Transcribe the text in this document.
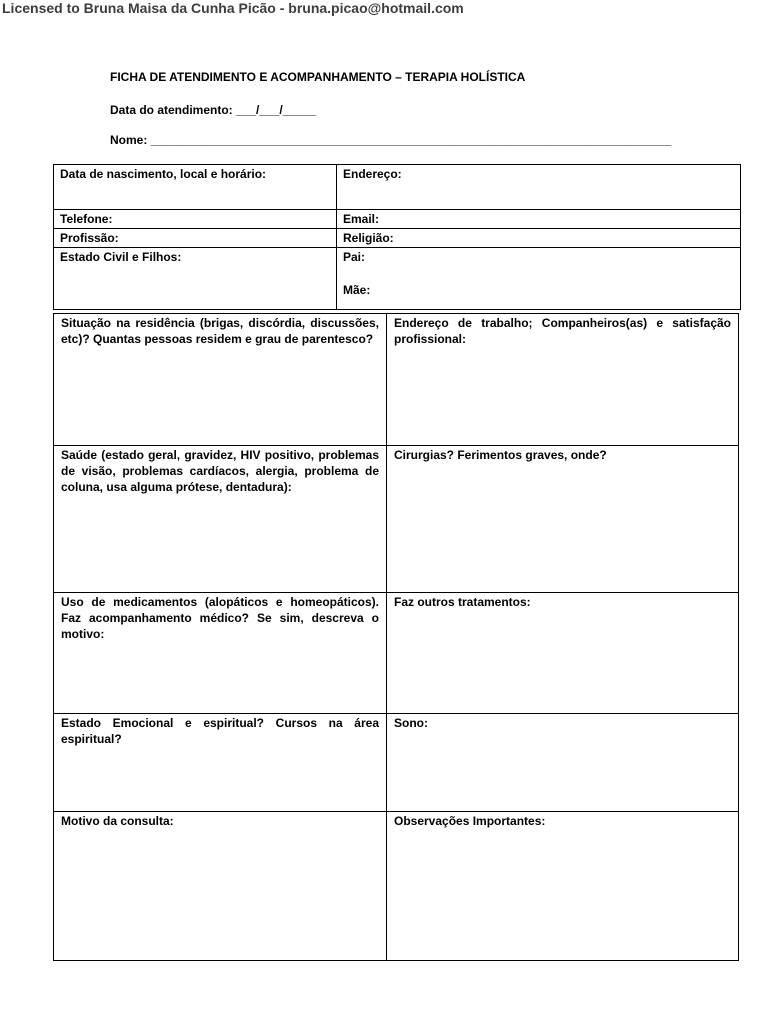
Licensed to Bruna Maisa da Cunha Picão - bruna.picao@hotmail.com
FICHA DE ATENDIMENTO E ACOMPANHAMENTO – TERAPIA HOLÍSTICA
Data do atendimento: ___/___/_____
Nome: ______________________________________________________________________________
Data de nascimento, local e horário:	Endereço:
Telefone:	Email:
Profissão:	Religião:
Estado Civil e Filhos:	Pai:
Mãe:
Situação na residência (brigas, discórdia, discussões, etc)? Quantas pessoas residem e grau de parentesco?	Endereço de trabalho; Companheiros(as) e satisfação profissional:
Saúde (estado geral, gravidez, HIV positivo, problemas de visão, problemas cardíacos, alergia, problema de coluna, usa alguma prótese, dentadura):	Cirurgias? Ferimentos graves, onde?
Uso de medicamentos (alopáticos e homeopáticos). Faz acompanhamento médico? Se sim, descreva o motivo:	Faz outros tratamentos:
Estado Emocional e espiritual? Cursos na área espiritual?	Sono:
Motivo da consulta:	Observações Importantes:
